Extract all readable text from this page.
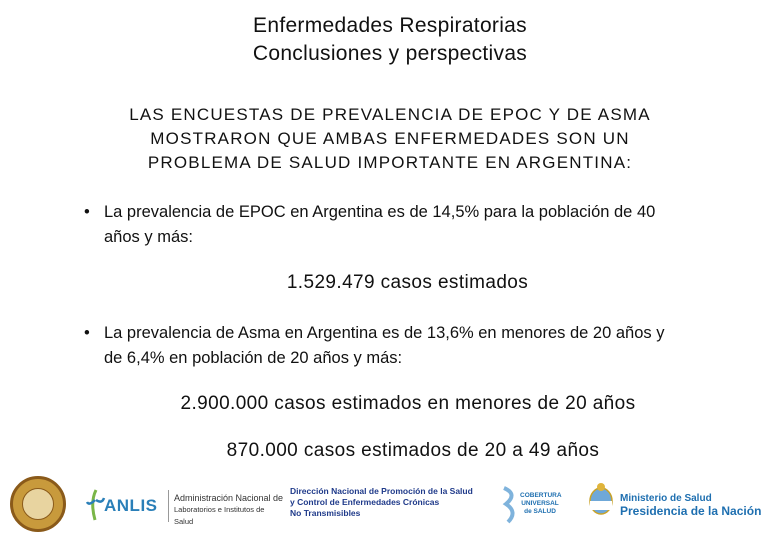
Enfermedades Respiratorias
Conclusiones y perspectivas
LAS ENCUESTAS DE PREVALENCIA DE EPOC Y DE ASMA
MOSTRARON QUE AMBAS ENFERMEDADES SON UN
PROBLEMA DE SALUD IMPORTANTE EN ARGENTINA:
• La prevalencia de EPOC en Argentina es de 14,5% para la población de 40
años y más:
1.529.479 casos estimados
• La prevalencia de Asma en Argentina es de 13,6% en menores de 20 años y
de 6,4% en población de 20 años y más:
2.900.000 casos estimados en menores de 20 años
870.000 casos estimados de 20 a 49 años
ANLIS Administración Nacional de
Laboratorios e Institutos de Salud
Dirección Nacional de Promoción de la Salud
y Control de Enfermedades Crónicas
No Transmisibles
COBERTURA
UNIVERSAL
de SALUD
Ministerio de Salud
Presidencia de la Nación
